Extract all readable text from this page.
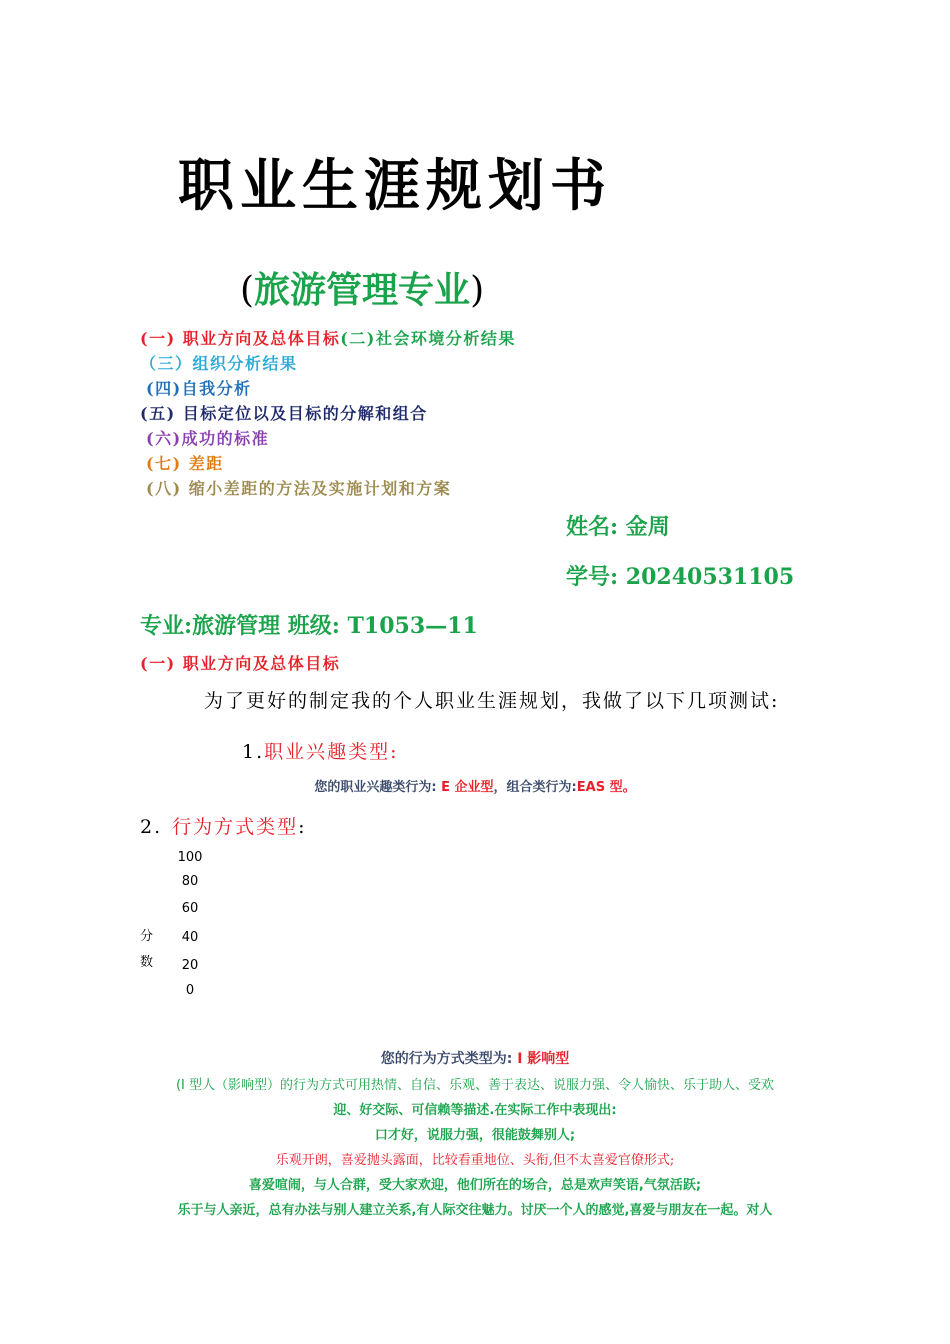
职业生涯规划书
(旅游管理专业)
(一) 职业方向及总体目标(二)社会环境分析结果
（三）组织分析结果
(四)自我分析
(五) 目标定位以及目标的分解和组合
(六)成功的标准
(七) 差距
(八) 缩小差距的方法及实施计划和方案
姓名: 金周
学号: 20240531105
专业:旅游管理 班级: T1053—11
(一) 职业方向及总体目标
为了更好的制定我的个人职业生涯规划，我做了以下几项测试:
1.职业兴趣类型:
您的职业兴趣类行为: E 企业型，组合类行为:EAS 型。
2. 行为方式类型:
100
80
60
40
20
0
分数
您的行为方式类型为: I 影响型
(I 型人（影响型）的行为方式可用热情、自信、乐观、善于表达、说服力强、令人愉快、乐于助人、受欢
迎、好交际、可信赖等描述.在实际工作中表现出:
口才好，说服力强，很能鼓舞别人;
乐观开朗，喜爱抛头露面，比较看重地位、头衔,但不太喜爱官僚形式;
喜爱喧闹，与人合群，受大家欢迎，他们所在的场合，总是欢声笑语,气氛活跃;
乐于与人亲近，总有办法与别人建立关系,有人际交往魅力。讨厌一个人的感觉,喜爱与朋友在一起。对人
